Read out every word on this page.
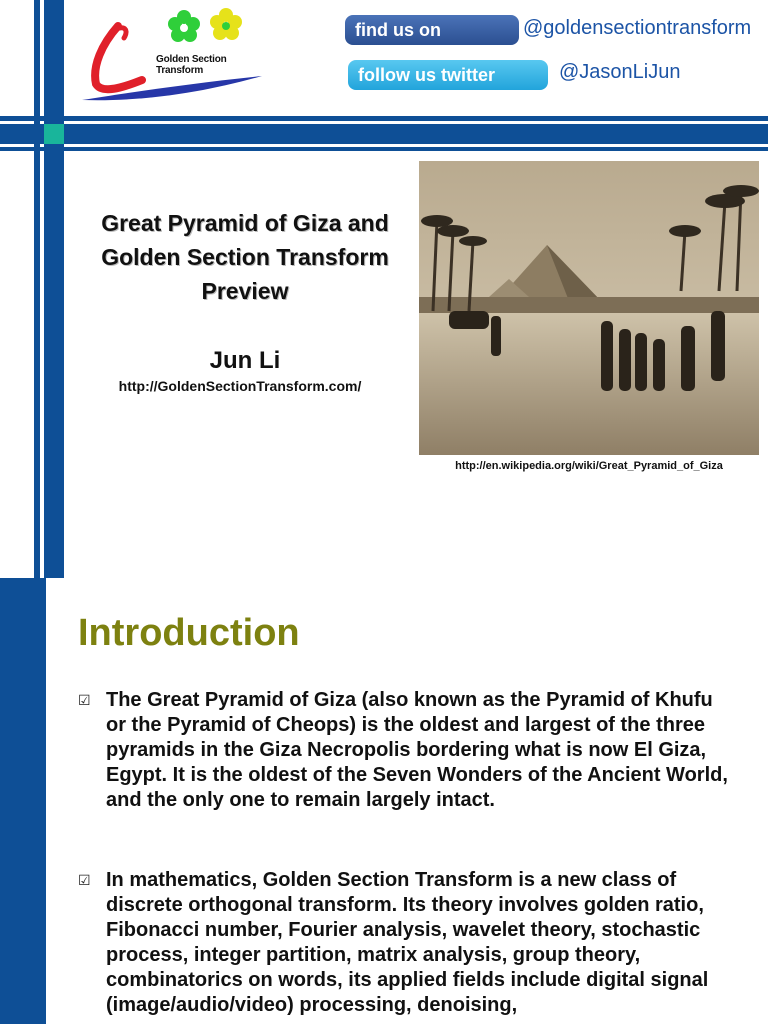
Golden Section Transform
find us on	@goldensectiontransform
follow us twitter	@JasonLiJun
Great Pyramid of Giza and
Golden Section Transform
Preview
Jun Li
http://GoldenSectionTransform.com/
http://en.wikipedia.org/wiki/Great_Pyramid_of_Giza
Introduction
☑ The Great Pyramid of Giza (also known as the Pyramid of Khufu or the Pyramid of Cheops) is the oldest and largest of the three pyramids in the Giza Necropolis bordering what is now El Giza, Egypt. It is the oldest of the Seven Wonders of the Ancient World, and the only one to remain largely intact.
☑ In mathematics, Golden Section Transform is a new class of discrete orthogonal transform. Its theory involves golden ratio, Fibonacci number, Fourier analysis, wavelet theory, stochastic process, integer partition, matrix analysis, group theory, combinatorics on words, its applied fields include digital signal (image/audio/video) processing, denoising,
